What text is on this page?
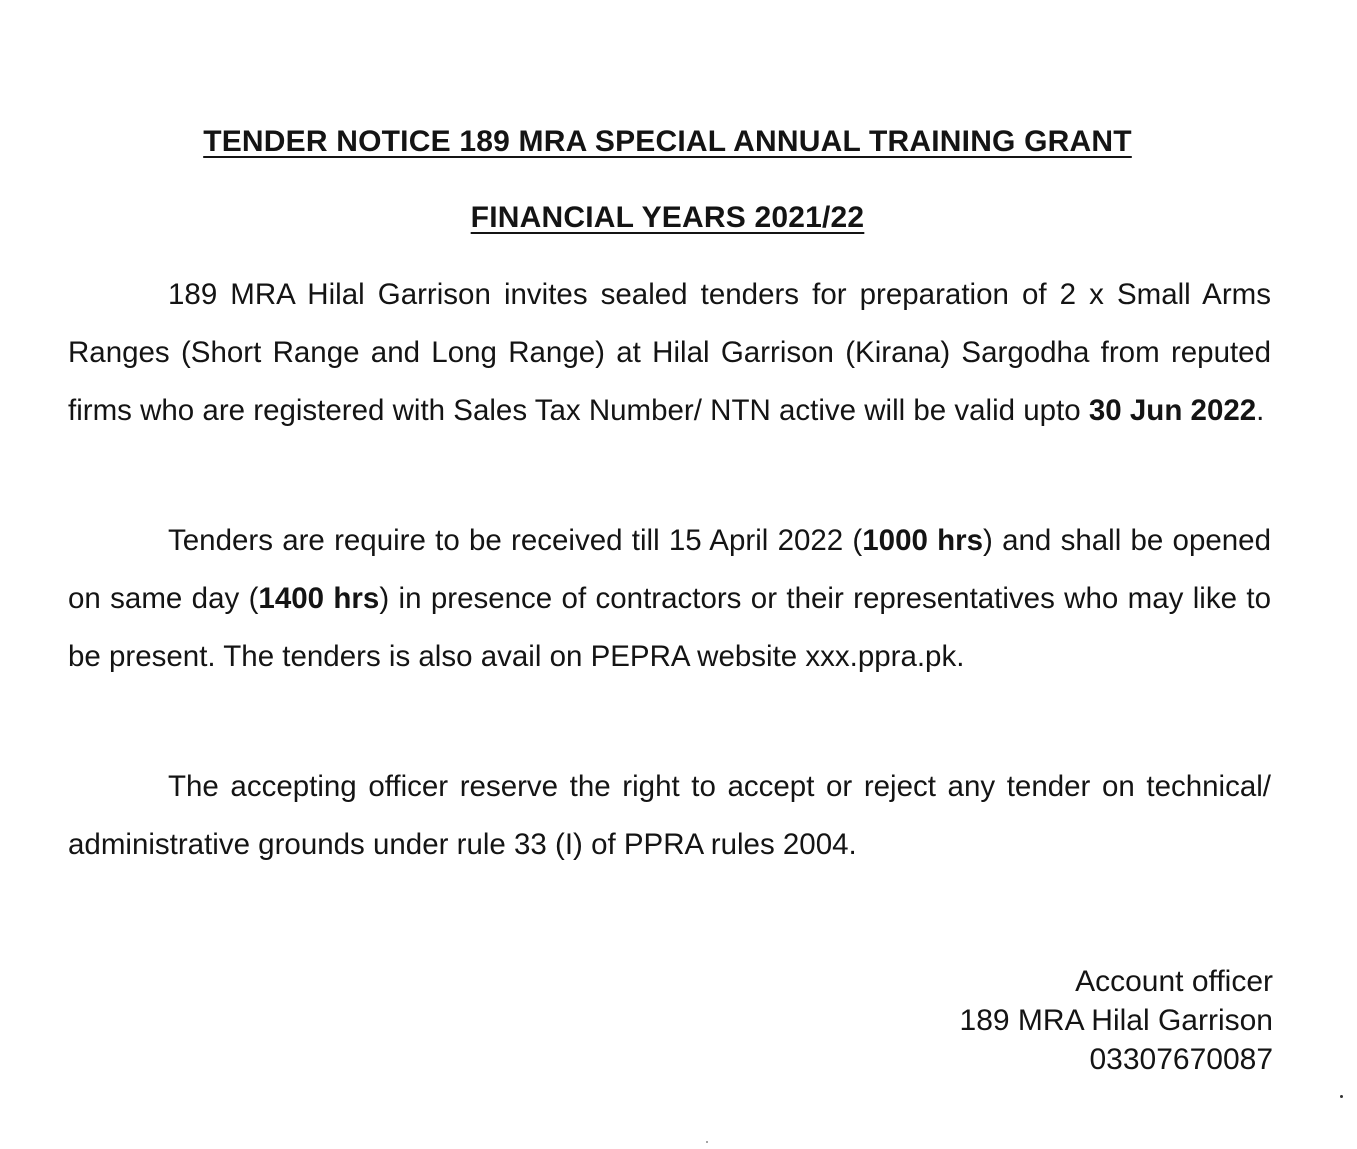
TENDER NOTICE 189 MRA SPECIAL ANNUAL TRAINING GRANT
FINANCIAL YEARS 2021/22

189 MRA Hilal Garrison invites sealed tenders for preparation of 2 x Small Arms Ranges (Short Range and Long Range) at Hilal Garrison (Kirana) Sargodha from reputed firms who are registered with Sales Tax Number/ NTN active will be valid upto 30 Jun 2022.

Tenders are require to be received till 15 April 2022 (1000 hrs) and shall be opened on same day (1400 hrs) in presence of contractors or their representatives who may like to be present. The tenders is also avail on PEPRA website xxx.ppra.pk.

The accepting officer reserve the right to accept or reject any tender on technical/ administrative grounds under rule 33 (I) of PPRA rules 2004.

Account officer
189 MRA Hilal Garrison
03307670087
